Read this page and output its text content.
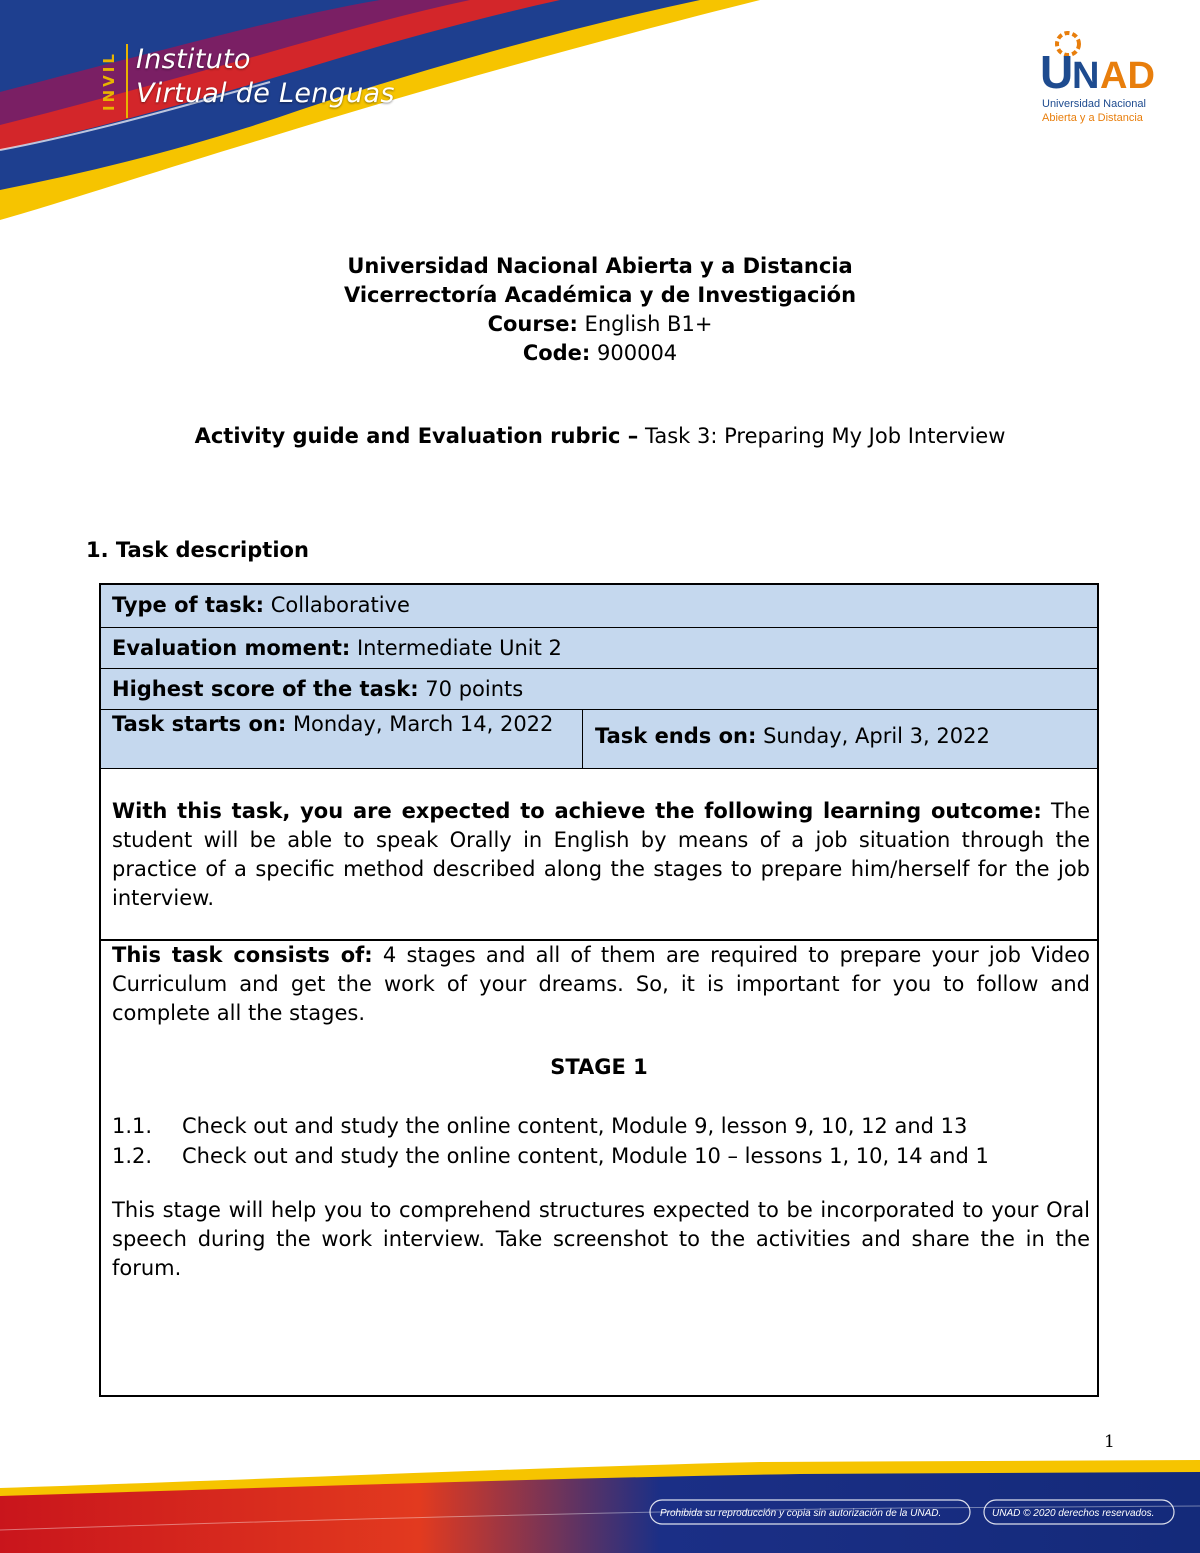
INVIL Instituto
Virtual de Lenguas	U
N AD
Universidad Nacional
Abierta y a Distancia
Universidad Nacional Abierta y a Distancia
Vicerrectoría Académica y de Investigación
Course: English B1+
Code: 900004
Activity guide and Evaluation rubric – Task 3: Preparing My Job Interview
1. Task description
Type of task: Collaborative
Evaluation moment: Intermediate Unit 2
Highest score of the task: 70 points
Task starts on: Monday, March 14, 2022	Task ends on: Sunday, April 3, 2022
With this task, you are expected to achieve the following learning outcome: The student will be able to speak Orally in English by means of a job situation through the practice of a specific method described along the stages to prepare him/herself for the job interview.
This task consists of: 4 stages and all of them are required to prepare your job Video Curriculum and get the work of your dreams. So, it is important for you to follow and complete all the stages.
STAGE 1
1.1. Check out and study the online content, Module 9, lesson 9, 10, 12 and 13
1.2. Check out and study the online content, Module 10 – lessons 1, 10, 14 and 1
This stage will help you to comprehend structures expected to be incorporated to your Oral speech during the work interview. Take screenshot to the activities and share the in the forum.
1
Prohibida su reproducción y copia sin autorización de la UNAD.	UNAD © 2020 derechos reservados.
